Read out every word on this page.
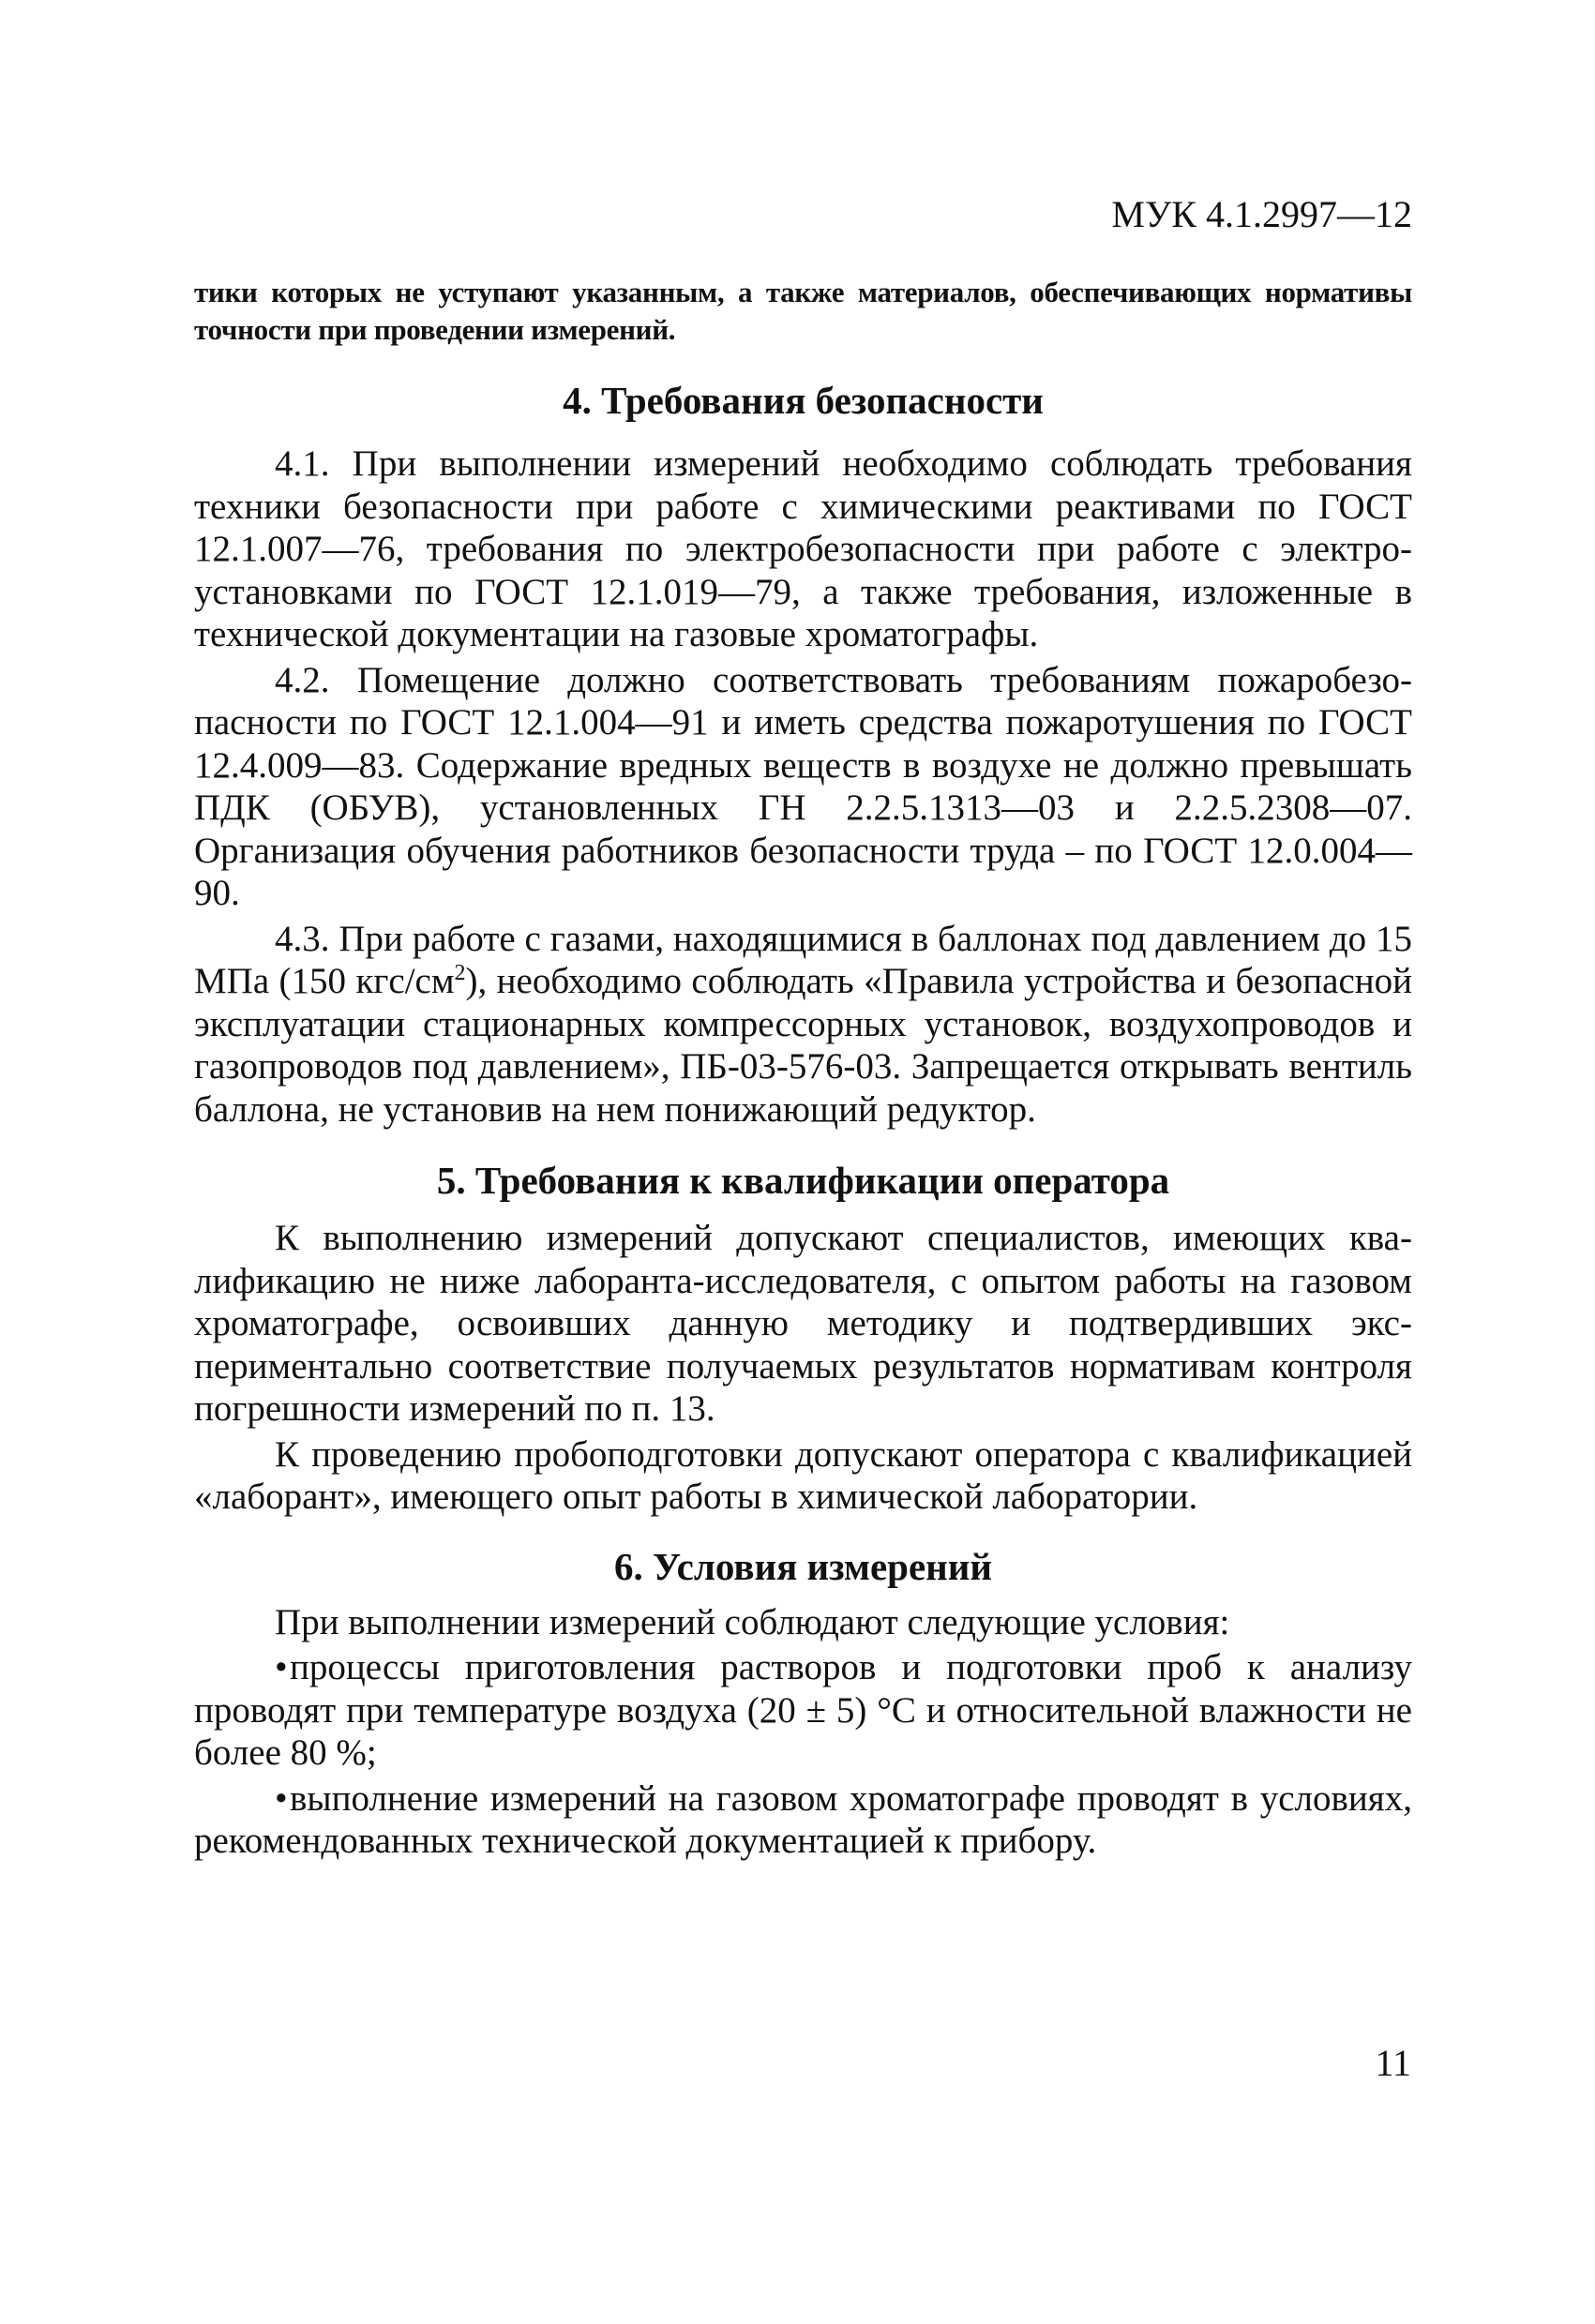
МУК 4.1.2997—12

тики которых не уступают указанным, а также материалов, обеспечивающих нормативы точности при проведении измерений.

4. Требования безопасности

4.1. При выполнении измерений необходимо соблюдать требования техники безопасности при работе с химическими реактивами по ГОСТ 12.1.007—76, требования по электробезопасности при работе с электроустановками по ГОСТ 12.1.019—79, а также требования, изложенные в технической документации на газовые хроматографы.

4.2. Помещение должно соответствовать требованиям пожаробезопасности по ГОСТ 12.1.004—91 и иметь средства пожаротушения по ГОСТ 12.4.009—83. Содержание вредных веществ в воздухе не должно превышать ПДК (ОБУВ), установленных ГН 2.2.5.1313—03 и 2.2.5.2308—07. Организация обучения работников безопасности труда – по ГОСТ 12.0.004—90.

4.3. При работе с газами, находящимися в баллонах под давлением до 15 МПа (150 кгс/$см^2$), необходимо соблюдать «Правила устройства и безопасной эксплуатации стационарных компрессорных установок, воздухопроводов и газопроводов под давлением», ПБ-03-576-03. Запрещается открывать вентиль баллона, не установив на нем понижающий редуктор.

5. Требования к квалификации оператора

К выполнению измерений допускают специалистов, имеющих квалификацию не ниже лаборанта-исследователя, с опытом работы на газовом хроматографе, освоивших данную методику и подтвердивших экспериментально соответствие получаемых результатов нормативам контроля погрешности измерений по п. 13.

К проведению пробоподготовки допускают оператора с квалификацией «лаборант», имеющего опыт работы в химической лаборатории.

6. Условия измерений

При выполнении измерений соблюдают следующие условия:

•процессы приготовления растворов и подготовки проб к анализу проводят при температуре воздуха (20 ± 5) °С и относительной влажности не более 80 %;

•выполнение измерений на газовом хроматографе проводят в условиях, рекомендованных технической документацией к прибору.

11
